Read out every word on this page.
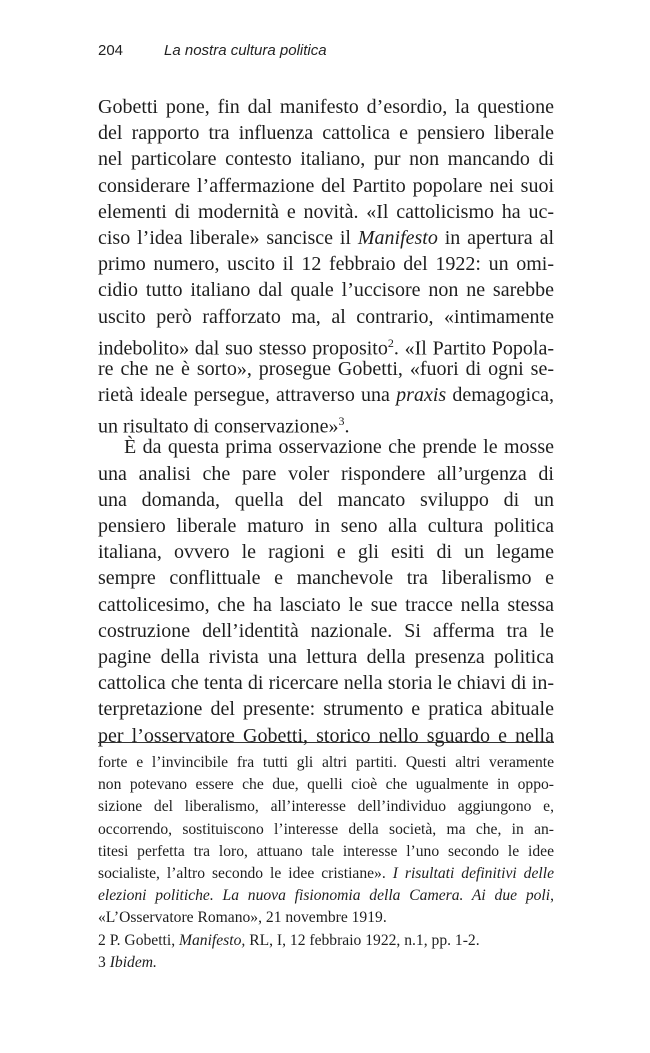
204	La nostra cultura politica
Gobetti pone, fin dal manifesto d’esordio, la questione
del rapporto tra influenza cattolica e pensiero liberale
nel particolare contesto italiano, pur non mancando di
considerare l’affermazione del Partito popolare nei suoi
elementi di modernità e novità. «Il cattolicismo ha uc-
ciso l’idea liberale» sancisce il Manifesto in apertura al
primo numero, uscito il 12 febbraio del 1922: un omi-
cidio tutto italiano dal quale l’uccisore non ne sarebbe
uscito però rafforzato ma, al contrario, «intimamente
indebolito» dal suo stesso proposito$^2$. «Il Partito Popola-
re che ne è sorto», prosegue Gobetti, «fuori di ogni se-
rietà ideale persegue, attraverso una praxis demagogica,
un risultato di conservazione»$^3$.
È da questa prima osservazione che prende le mosse
una analisi che pare voler rispondere all’urgenza di
una domanda, quella del mancato sviluppo di un
pensiero liberale maturo in seno alla cultura politica
italiana, ovvero le ragioni e gli esiti di un legame
sempre conflittuale e manchevole tra liberalismo e
cattolicesimo, che ha lasciato le sue tracce nella stessa
costruzione dell’identità nazionale. Si afferma tra le
pagine della rivista una lettura della presenza politica
cattolica che tenta di ricercare nella storia le chiavi di in-
terpretazione del presente: strumento e pratica abituale
per l’osservatore Gobetti, storico nello sguardo e nella
forte e l’invincibile fra tutti gli altri partiti. Questi altri veramente
non potevano essere che due, quelli cioè che ugualmente in oppo-
sizione del liberalismo, all’interesse dell’individuo aggiungono e,
occorrendo, sostituiscono l’interesse della società, ma che, in an-
titesi perfetta tra loro, attuano tale interesse l’uno secondo le idee
socialiste, l’altro secondo le idee cristiane». I risultati definitivi delle
elezioni politiche. La nuova fisionomia della Camera. Ai due poli,
«L’Osservatore Romano», 21 novembre 1919.
2 P. Gobetti, Manifesto, RL, I, 12 febbraio 1922, n.1, pp. 1-2.
3 Ibidem.
